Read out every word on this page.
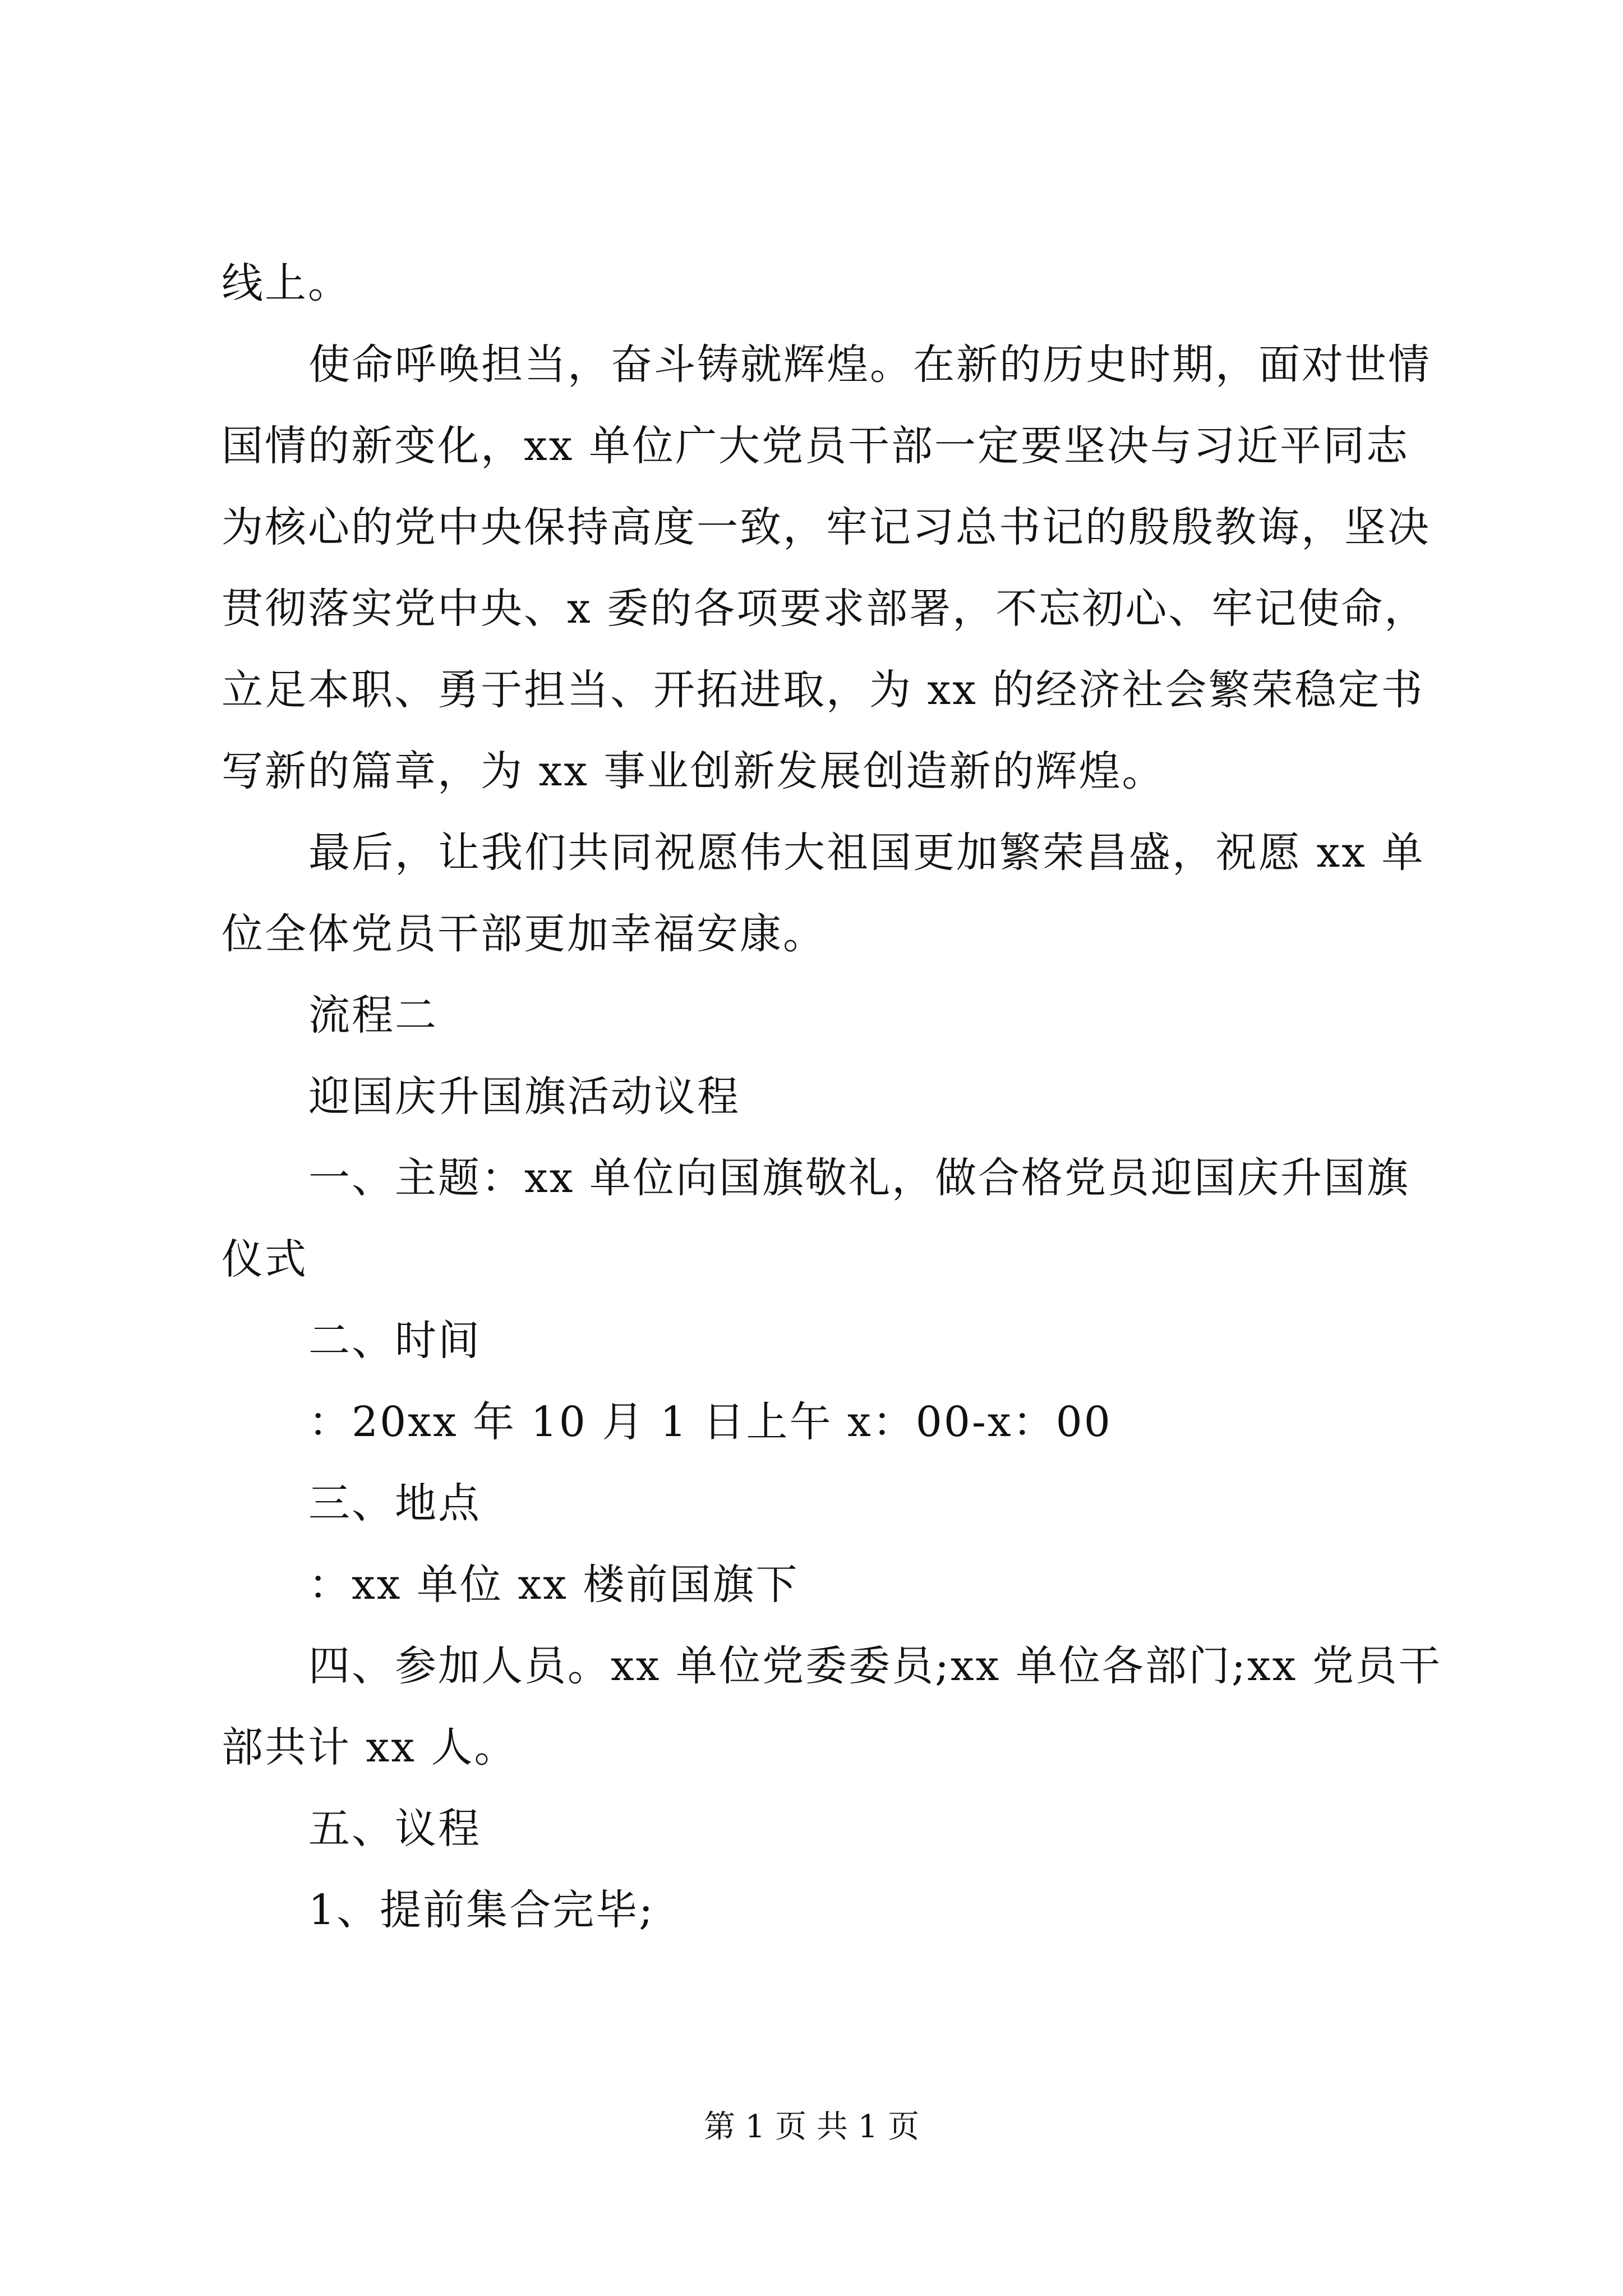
线上。
使命呼唤担当，奋斗铸就辉煌。在新的历史时期，面对世情
国情的新变化，xx 单位广大党员干部一定要坚决与习近平同志
为核心的党中央保持高度一致，牢记习总书记的殷殷教诲，坚决
贯彻落实党中央、x 委的各项要求部署，不忘初心、牢记使命，
立足本职、勇于担当、开拓进取，为 xx 的经济社会繁荣稳定书
写新的篇章，为 xx 事业创新发展创造新的辉煌。
最后，让我们共同祝愿伟大祖国更加繁荣昌盛，祝愿 xx 单
位全体党员干部更加幸福安康。
流程二
迎国庆升国旗活动议程
一、主题：xx 单位向国旗敬礼，做合格党员迎国庆升国旗
仪式
二、时间
：20xx 年 10 月 1 日上午 x：00-x：00
三、地点
：xx 单位 xx 楼前国旗下
四、参加人员。xx 单位党委委员;xx 单位各部门;xx 党员干
部共计 xx 人。
五、议程
1、提前集合完毕;
第 1 页 共 1 页
